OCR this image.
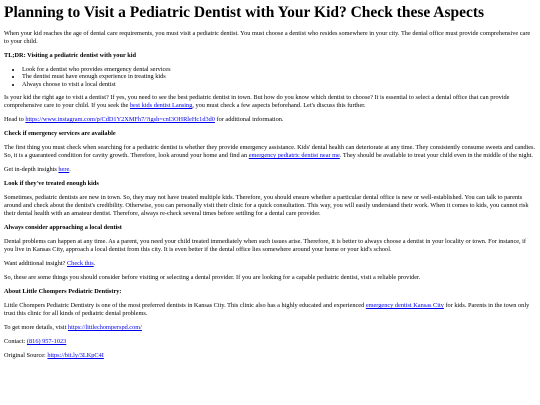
Planning to Visit a Pediatric Dentist with Your Kid? Check these Aspects

When your kid reaches the age of dental care requirements, you must visit a pediatric dentist. You must choose a dentist who resides somewhere in your city. The dental office must provide comprehensive care to your child.

TL;DR: Visiting a pediatric dentist with your kid

• Look for a dentist who provides emergency dental services
• The dentist must have enough experience in treating kids
• Always choose to visit a local dentist

Is your kid the right age to visit a dentist? If yes, you need to see the best pediatric dentist in town. But how do you know which dentist to choose? It is essential to select a dental office that can provide comprehensive care to your child. If you seek the best kids dentist Lansing, you must check a few aspects beforehand. Let's discuss this further.

Head to https://www.instagram.com/p/CdD1Y2XMFh7/?igsh=cnI3OHRleHc1d3d0 for additional information.

Check if emergency services are available

The first thing you must check when searching for a pediatric dentist is whether they provide emergency assistance. Kids' dental health can deteriorate at any time. They consistently consume sweets and candies. So, it is a guaranteed condition for cavity growth. Therefore, look around your home and find an emergency pediatric dentist near me. They should be available to treat your child even in the middle of the night.

Get in-depth insights here.

Look if they've treated enough kids

Sometimes, pediatric dentists are new in town. So, they may not have treated multiple kids. Therefore, you should ensure whether a particular dental office is new or well-established. You can talk to parents around and check about the dentist's credibility. Otherwise, you can personally visit their clinic for a quick consultation. This way, you will easily understand their work. When it comes to kids, you cannot risk their dental health with an amateur dentist. Therefore, always re-check several times before settling for a dental care provider.

Always consider approaching a local dentist

Dental problems can happen at any time. As a parent, you need your child treated immediately when such issues arise. Therefore, it is better to always choose a dentist in your locality or town. For instance, if you live in Kansas City, approach a local dentist from this city. It is even better if the dental office lies somewhere around your home or your kid's school.

Want additional insight? Check this.

So, these are some things you should consider before visiting or selecting a dental provider. If you are looking for a capable pediatric dentist, visit a reliable provider.

About Little Chompers Pediatric Dentistry:

Little Chompers Pediatric Dentistry is one of the most preferred dentists in Kansas City. This clinic also has a highly educated and experienced emergency dentist Kansas City for kids. Parents in the town only trust this clinic for all kinds of pediatric dental problems.

To get more details, visit https://littlechomperspd.com/

Contact: (816) 957-1023

Original Source: https://bit.ly/3LKpC4I
